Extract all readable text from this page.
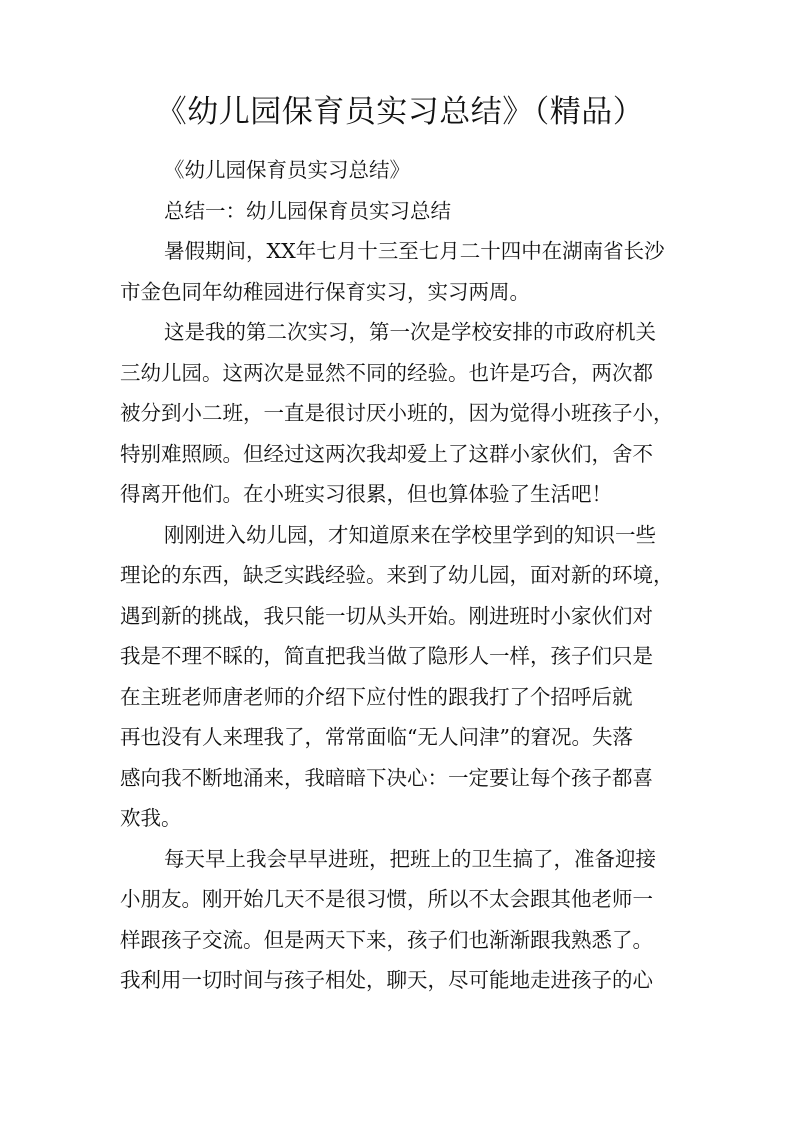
《幼儿园保育员实习总结》（精品）

《幼儿园保育员实习总结》

总结一：幼儿园保育员实习总结

暑假期间，XX年七月十三至七月二十四中在湖南省长沙
市金色同年幼稚园进行保育实习，实习两周。

这是我的第二次实习，第一次是学校安排的市政府机关
三幼儿园。这两次是显然不同的经验。也许是巧合，两次都
被分到小二班，一直是很讨厌小班的，因为觉得小班孩子小，
特别难照顾。但经过这两次我却爱上了这群小家伙们，舍不
得离开他们。在小班实习很累，但也算体验了生活吧！

刚刚进入幼儿园，才知道原来在学校里学到的知识一些
理论的东西，缺乏实践经验。来到了幼儿园，面对新的环境，
遇到新的挑战，我只能一切从头开始。刚进班时小家伙们对
我是不理不睬的，简直把我当做了隐形人一样，孩子们只是
在主班老师唐老师的介绍下应付性的跟我打了个招呼后就
再也没有人来理我了，常常面临“无人问津”的窘况。失落
感向我不断地涌来，我暗暗下决心：一定要让每个孩子都喜
欢我。

每天早上我会早早进班，把班上的卫生搞了，准备迎接
小朋友。刚开始几天不是很习惯，所以不太会跟其他老师一
样跟孩子交流。但是两天下来，孩子们也渐渐跟我熟悉了。
我利用一切时间与孩子相处，聊天，尽可能地走进孩子的心
